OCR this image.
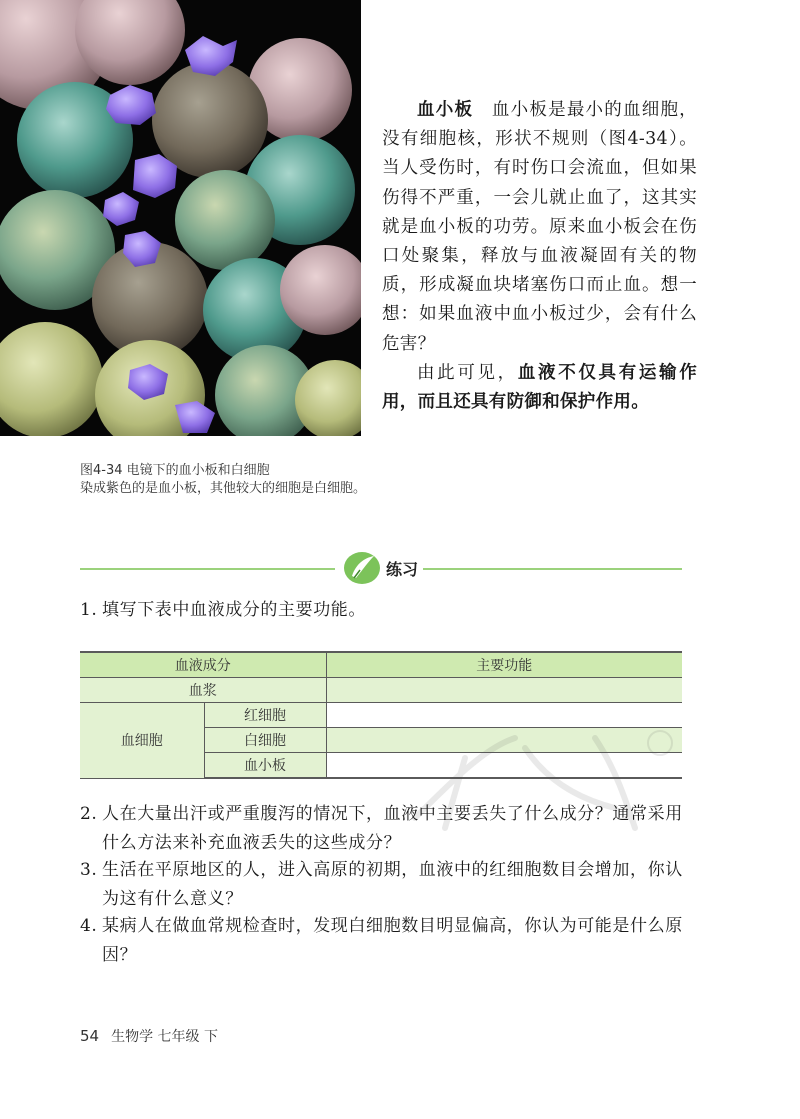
图4-34 电镜下的血小板和白细胞
染成紫色的是血小板，其他较大的细胞是白细胞。

血小板　 血小板是最小的血细胞，没有细胞核，形状不规则（图4-34）。当人受伤时，有时伤口会流血，但如果伤得不严重，一会儿就止血了，这其实就是血小板的功劳。原来血小板会在伤口处聚集，释放与血液凝固有关的物质，形成凝血块堵塞伤口而止血。想一想：如果血液中血小板过少，会有什么危害？

由此可见，血液不仅具有运输作用，而且还具有防御和保护作用。

练习
1. 填写下表中血液成分的主要功能。
血液成分		主要功能
血浆		
血细胞	红细胞	
	白细胞	
	血小板	
2. 人在大量出汗或严重腹泻的情况下，血液中主要丢失了什么成分？通常采用什么方法来补充血液丢失的这些成分？
3. 生活在平原地区的人，进入高原的初期，血液中的红细胞数目会增加，你认为这有什么意义？
4. 某病人在做血常规检查时，发现白细胞数目明显偏高，你认为可能是什么原因？
54 生物学 七年级 下
